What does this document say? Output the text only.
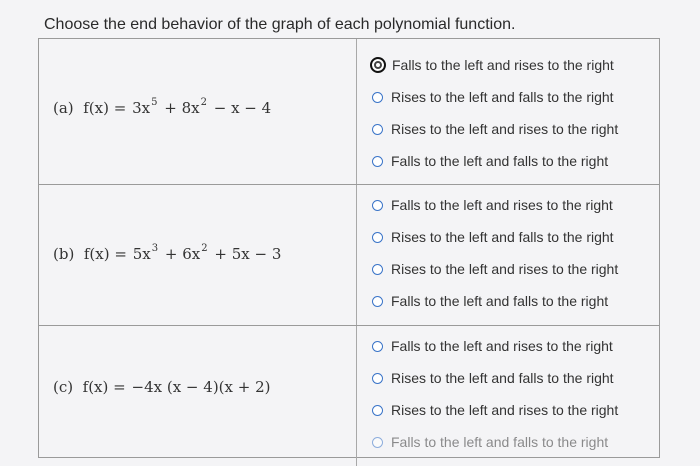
Choose the end behavior of the graph of each polynomial function.
(a) $f(x) = 3x^5 + 8x^2 - x - 4$
Falls to the left and rises to the right
Rises to the left and falls to the right
Rises to the left and rises to the right
Falls to the left and falls to the right
(b) $f(x) = 5x^3 + 6x^2 + 5x - 3$
Falls to the left and rises to the right
Rises to the left and falls to the right
Rises to the left and rises to the right
Falls to the left and falls to the right
(c) f(x) = −4x (x − 4)(x + 2)
Falls to the left and rises to the right
Rises to the left and falls to the right
Rises to the left and rises to the right
Falls to the left and falls to the right
